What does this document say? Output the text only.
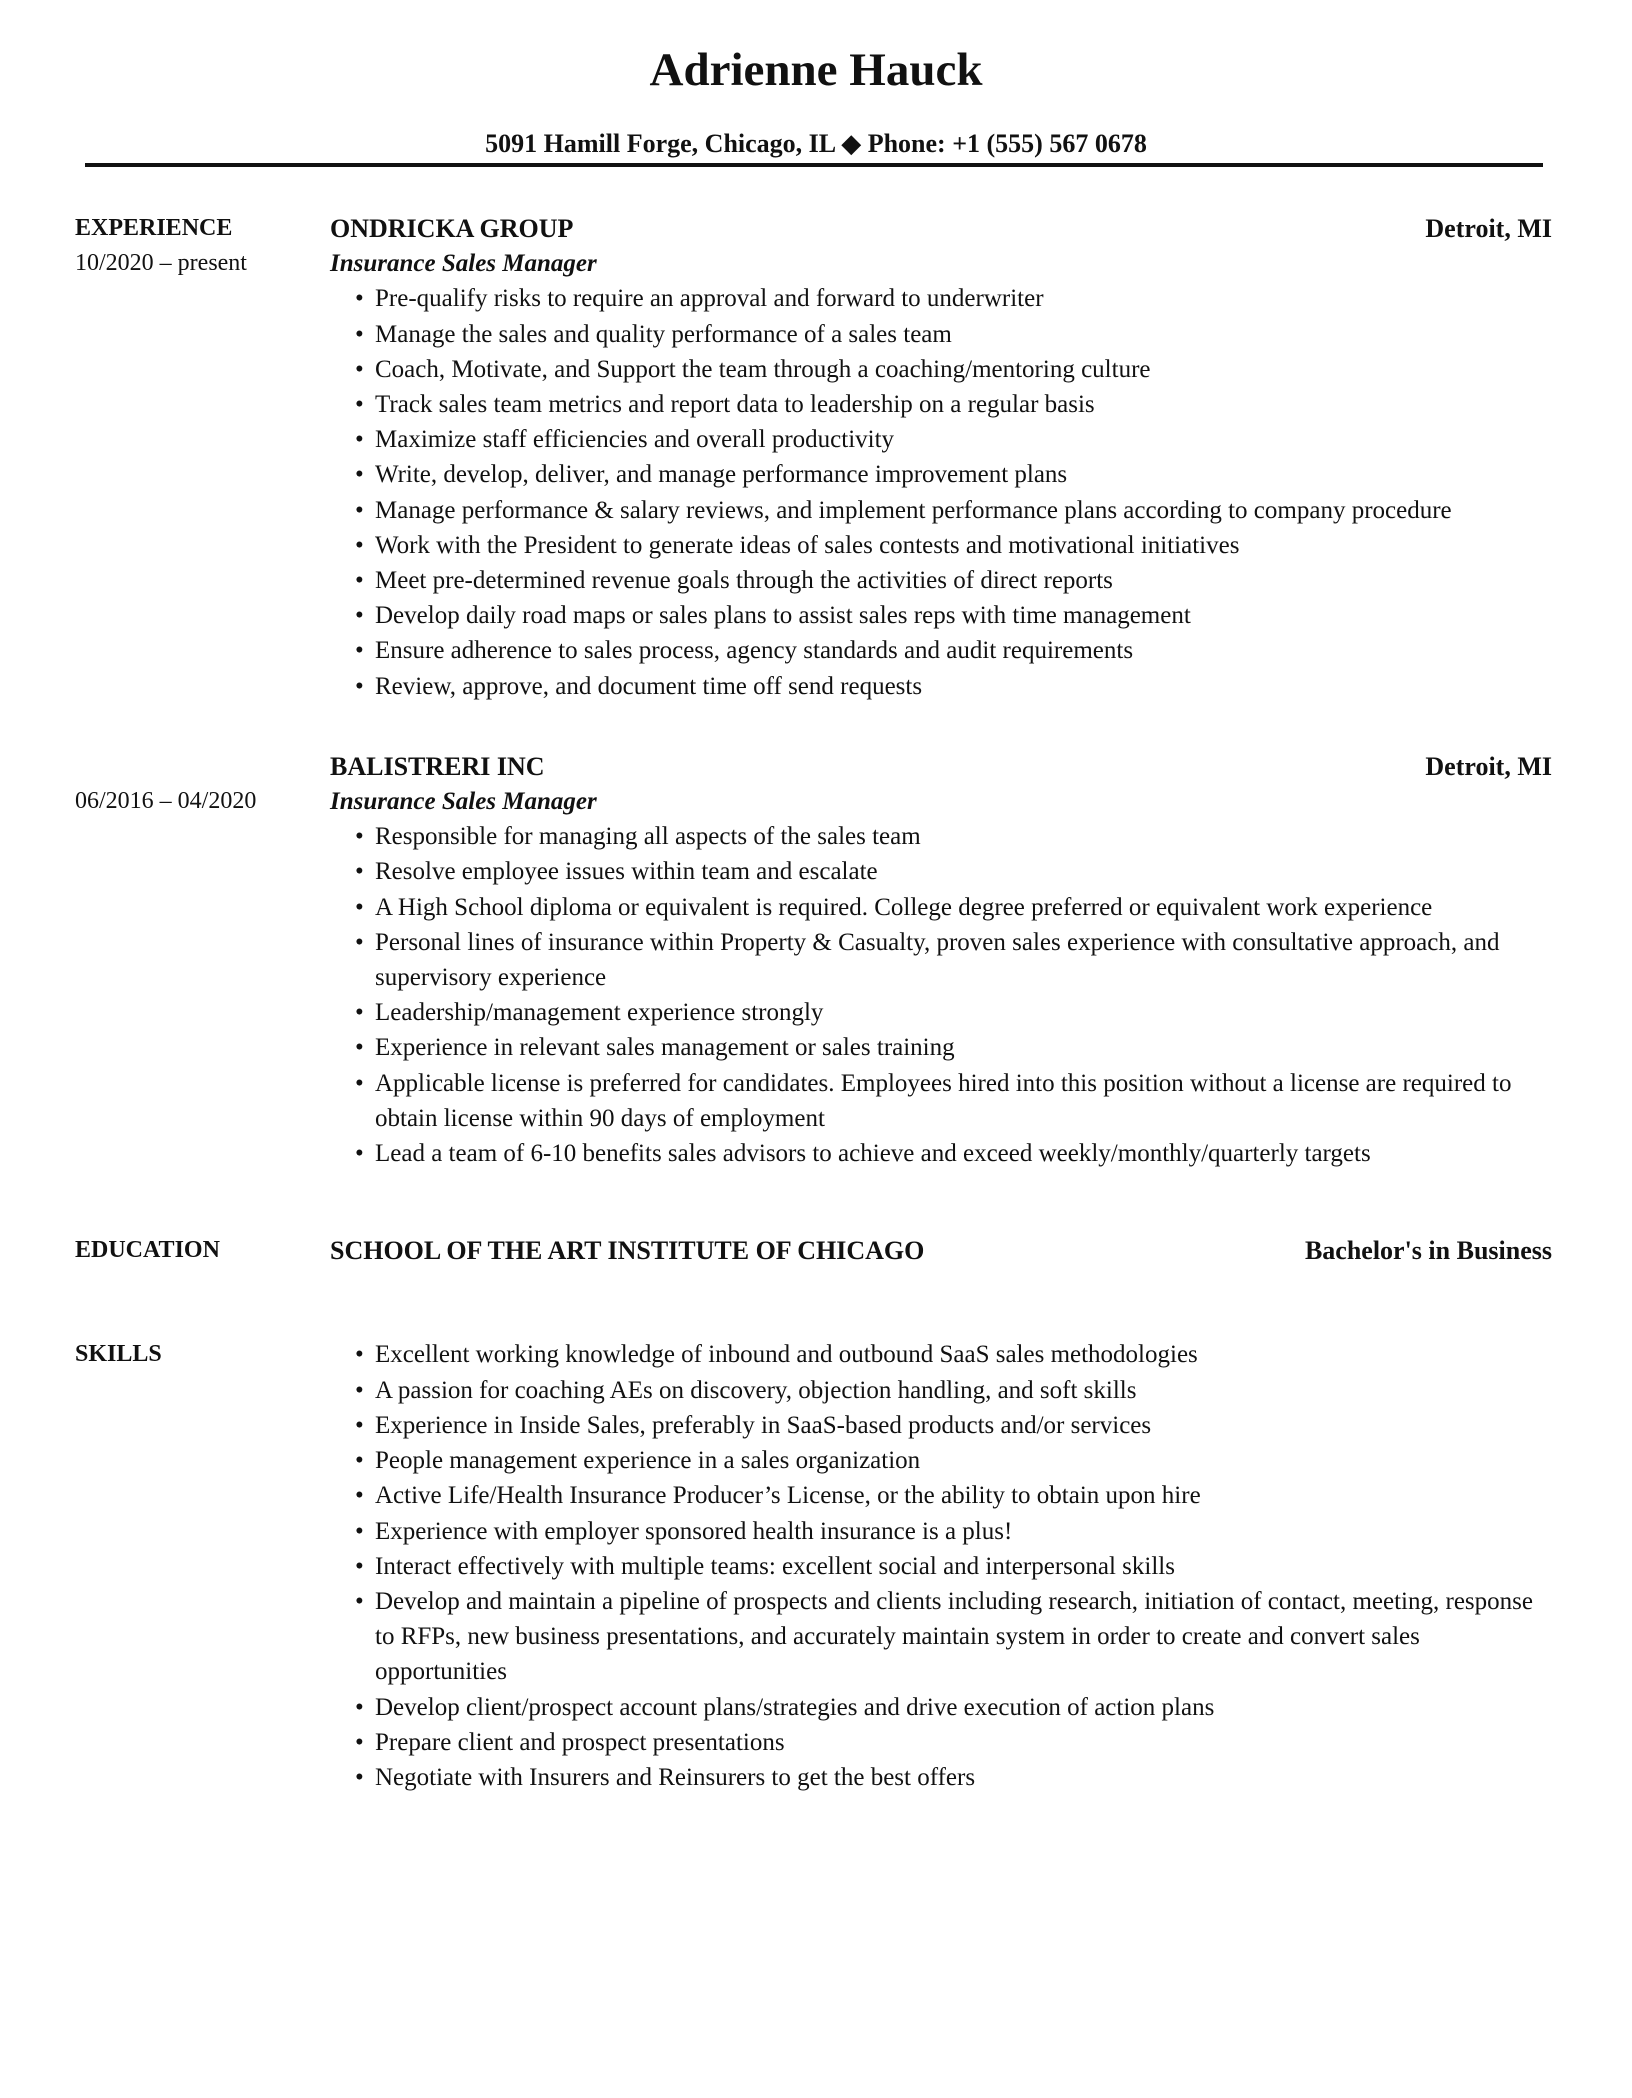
Adrienne Hauck
5091 Hamill Forge, Chicago, IL ◆ Phone: +1 (555) 567 0678
EXPERIENCE
10/2020 – present
ONDRICKA GROUP	Detroit, MI
Insurance Sales Manager
• Pre-qualify risks to require an approval and forward to underwriter
• Manage the sales and quality performance of a sales team
• Coach, Motivate, and Support the team through a coaching/mentoring culture
• Track sales team metrics and report data to leadership on a regular basis
• Maximize staff efficiencies and overall productivity
• Write, develop, deliver, and manage performance improvement plans
• Manage performance & salary reviews, and implement performance plans according to company procedure
• Work with the President to generate ideas of sales contests and motivational initiatives
• Meet pre-determined revenue goals through the activities of direct reports
• Develop daily road maps or sales plans to assist sales reps with time management
• Ensure adherence to sales process, agency standards and audit requirements
• Review, approve, and document time off send requests

06/2016 – 04/2020
BALISTRERI INC	Detroit, MI
Insurance Sales Manager
• Responsible for managing all aspects of the sales team
• Resolve employee issues within team and escalate
• A High School diploma or equivalent is required. College degree preferred or equivalent work experience
• Personal lines of insurance within Property & Casualty, proven sales experience with consultative approach, and supervisory experience
• Leadership/management experience strongly
• Experience in relevant sales management or sales training
• Applicable license is preferred for candidates. Employees hired into this position without a license are required to obtain license within 90 days of employment
• Lead a team of 6-10 benefits sales advisors to achieve and exceed weekly/monthly/quarterly targets
EDUCATION	SCHOOL OF THE ART INSTITUTE OF CHICAGO	Bachelor's in Business
SKILLS	• Excellent working knowledge of inbound and outbound SaaS sales methodologies
• A passion for coaching AEs on discovery, objection handling, and soft skills
• Experience in Inside Sales, preferably in SaaS-based products and/or services
• People management experience in a sales organization
• Active Life/Health Insurance Producer’s License, or the ability to obtain upon hire
• Experience with employer sponsored health insurance is a plus!
• Interact effectively with multiple teams: excellent social and interpersonal skills
• Develop and maintain a pipeline of prospects and clients including research, initiation of contact, meeting, response to RFPs, new business presentations, and accurately maintain system in order to create and convert sales opportunities
• Develop client/prospect account plans/strategies and drive execution of action plans
• Prepare client and prospect presentations
• Negotiate with Insurers and Reinsurers to get the best offers
